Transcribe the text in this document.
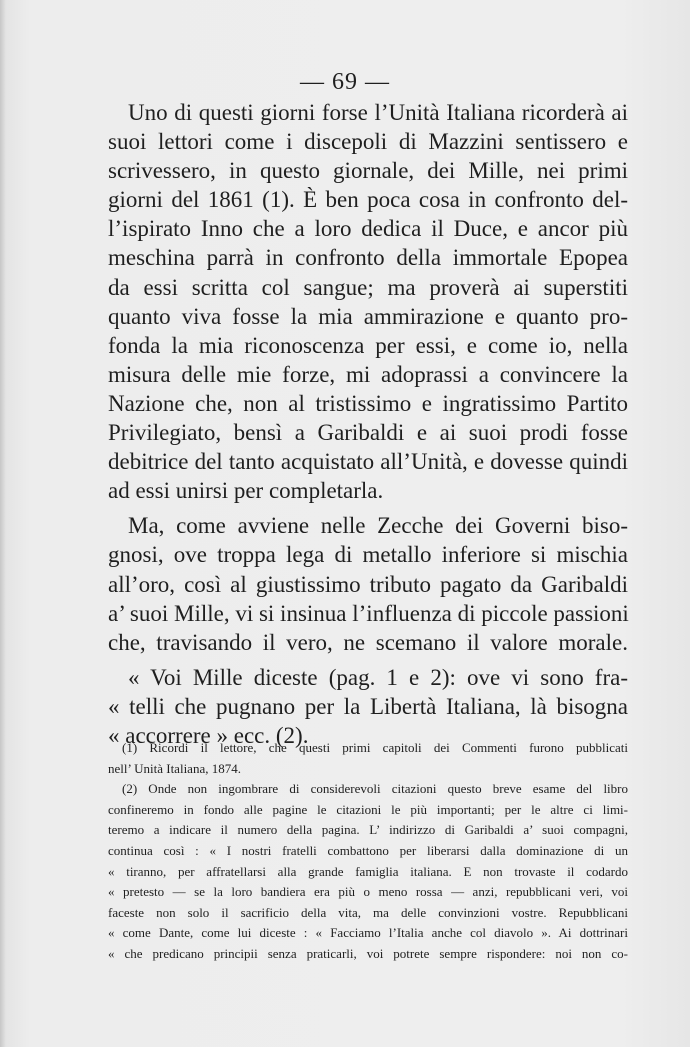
— 69 —
Uno di questi giorni forse l’Unità Italiana ricorderà ai
suoi lettori come i discepoli di Mazzini sentissero e
scrivessero, in questo giornale, dei Mille, nei primi
giorni del 1861 (1). È ben poca cosa in confronto del-
l’ispirato Inno che a loro dedica il Duce, e ancor più
meschina parrà in confronto della immortale Epopea
da essi scritta col sangue; ma proverà ai superstiti
quanto viva fosse la mia ammirazione e quanto pro-
fonda la mia riconoscenza per essi, e come io, nella
misura delle mie forze, mi adoprassi a convincere la
Nazione che, non al tristissimo e ingratissimo Partito
Privilegiato, bensì a Garibaldi e ai suoi prodi fosse
debitrice del tanto acquistato all’Unità, e dovesse quindi
ad essi unirsi per completarla.
Ma, come avviene nelle Zecche dei Governi biso-
gnosi, ove troppa lega di metallo inferiore si mischia
all’oro, così al giustissimo tributo pagato da Garibaldi
a’ suoi Mille, vi si insinua l’influenza di piccole passioni
che, travisando il vero, ne scemano il valore morale.
« Voi Mille diceste (pag. 1 e 2): ove vi sono fra-
« telli che pugnano per la Libertà Italiana, là bisogna
« accorrere » ecc. (2).
(1) Ricordi il lettore, che questi primi capitoli dei Commenti furono pubblicati
nell’ Unità Italiana, 1874.
(2) Onde non ingombrare di considerevoli citazioni questo breve esame del libro
confineremo in fondo alle pagine le citazioni le più importanti; per le altre ci limi-
teremo a indicare il numero della pagina. L’ indirizzo di Garibaldi a’ suoi compagni,
continua così : « I nostri fratelli combattono per liberarsi dalla dominazione di un
« tiranno, per affratellarsi alla grande famiglia italiana. E non trovaste il codardo
« pretesto — se la loro bandiera era più o meno rossa — anzi, repubblicani veri, voi
faceste non solo il sacrificio della vita, ma delle convinzioni vostre. Repubblicani
« come Dante, come lui diceste : « Facciamo l’Italia anche col diavolo ». Ai dottrinari
« che predicano principii senza praticarli, voi potrete sempre rispondere: noi non co-
